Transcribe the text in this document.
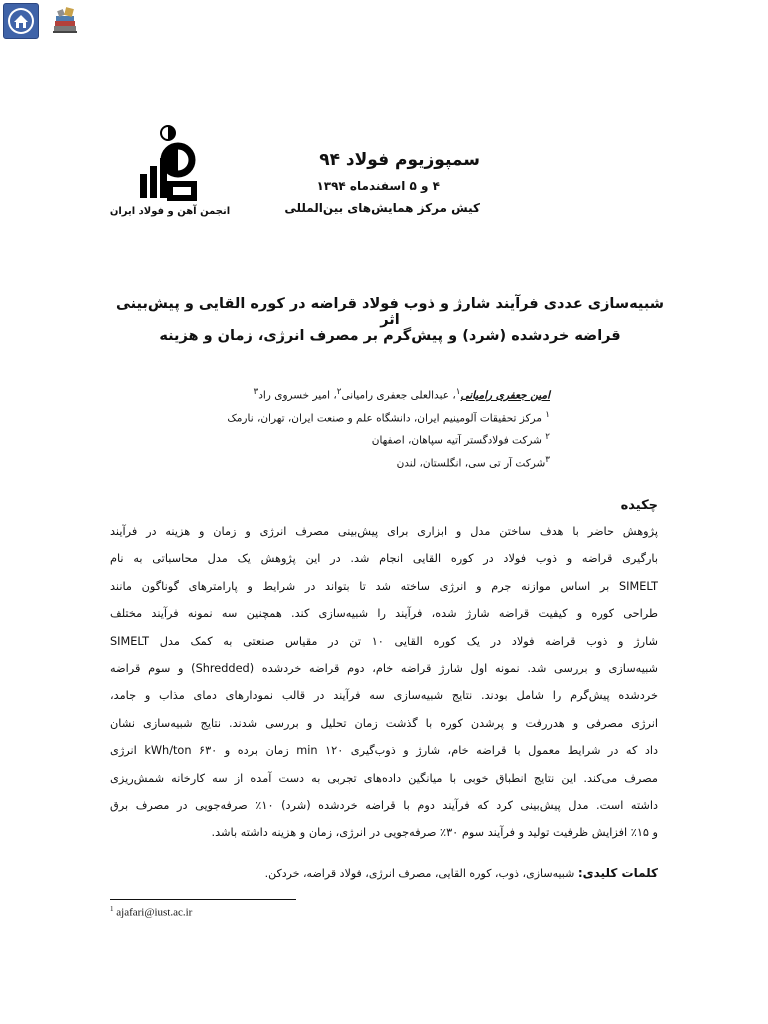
انجمن آهن و فولاد ایران
سمپوزیوم فولاد ۹۴
۴ و ۵ اسفندماه ۱۳۹۴
کیش مرکز همایش‌های بین‌المللی
شبیه‌سازی عددی فرآیند شارژ و ذوب فولاد قراضه در کوره القایی و پیش‌بینی اثر
قراضه خردشده (شرد) و پیش‌گرم بر مصرف انرژی، زمان و هزینه
امین جعفری رامیانی$^۱$، عبدالعلی جعفری رامیانی$^۲$، امیر خسروی راد$^۳$
$^۱$ مرکز تحقیقات آلومینیم ایران، دانشگاه علم و صنعت ایران، تهران، نارمک
$^۲$ شرکت فولادگستر آتیه سپاهان، اصفهان
$^۳$شرکت آر تی سی، انگلستان، لندن
چکیده
پژوهش حاضر با هدف ساختن مدل و ابزاری برای پیش‌بینی مصرف انرژی و زمان و هزینه در فرآیند
بارگیری قراضه و ذوب فولاد در کوره القایی انجام شد. در این پژوهش یک مدل محاسباتی به نام
SIMELT بر اساس موازنه جرم و انرژی ساخته شد تا بتواند در شرایط و پارامترهای گوناگون مانند
طراحی کوره و کیفیت قراضه شارژ شده، فرآیند را شبیه‌سازی کند. همچنین سه نمونه فرآیند مختلف
شارژ و ذوب قراضه فولاد در یک کوره القایی ۱۰ تن در مقیاس صنعتی به کمک مدل SIMELT
شبیه‌سازی و بررسی شد. نمونه اول شارژ قراضه خام، دوم قراضه خردشده (Shredded) و سوم قراضه
خردشده پیش‌گرم را شامل بودند. نتایج شبیه‌سازی سه فرآیند در قالب نمودارهای دمای مذاب و جامد،
انرژی مصرفی و هدررفت و پرشدن کوره با گذشت زمان تحلیل و بررسی شدند. نتایج شبیه‌سازی نشان
داد که در شرایط معمول با قراضه خام، شارژ و ذوب‌گیری ۱۲۰ min زمان برده و ۶۳۰ kWh/ton انرژی
مصرف می‌کند. این نتایج انطباق خوبی با میانگین داده‌های تجربی به دست آمده از سه کارخانه شمش‌ریزی
داشته است. مدل پیش‌بینی کرد که فرآیند دوم با قراضه خردشده (شرد) ۱۰٪ صرفه‌جویی در مصرف برق
و ۱۵٪ افزایش ظرفیت تولید و فرآیند سوم ۳۰٪ صرفه‌جویی در انرژی، زمان و هزینه داشته باشد.
کلمات کلیدی: شبیه‌سازی، ذوب، کوره القایی، مصرف انرژی، فولاد قراضه، خردکن.
$^1$ ajafari@iust.ac.ir
